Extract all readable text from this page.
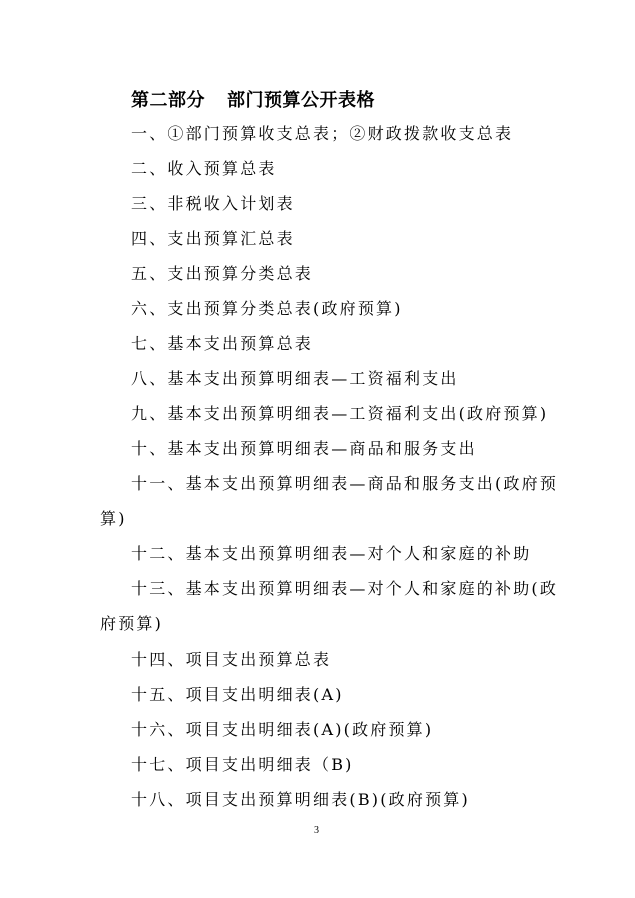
第二部分 部门预算公开表格
一、①部门预算收支总表；②财政拨款收支总表
二、收入预算总表
三、非税收入计划表
四、支出预算汇总表
五、支出预算分类总表
六、支出预算分类总表(政府预算)
七、基本支出预算总表
八、基本支出预算明细表—工资福利支出
九、基本支出预算明细表—工资福利支出(政府预算)
十、基本支出预算明细表—商品和服务支出
十一、基本支出预算明细表—商品和服务支出(政府预
算)
十二、基本支出预算明细表—对个人和家庭的补助
十三、基本支出预算明细表—对个人和家庭的补助(政
府预算)
十四、项目支出预算总表
十五、项目支出明细表(A)
十六、项目支出明细表(A)(政府预算)
十七、项目支出明细表（B)
十八、项目支出预算明细表(B)(政府预算)
3
